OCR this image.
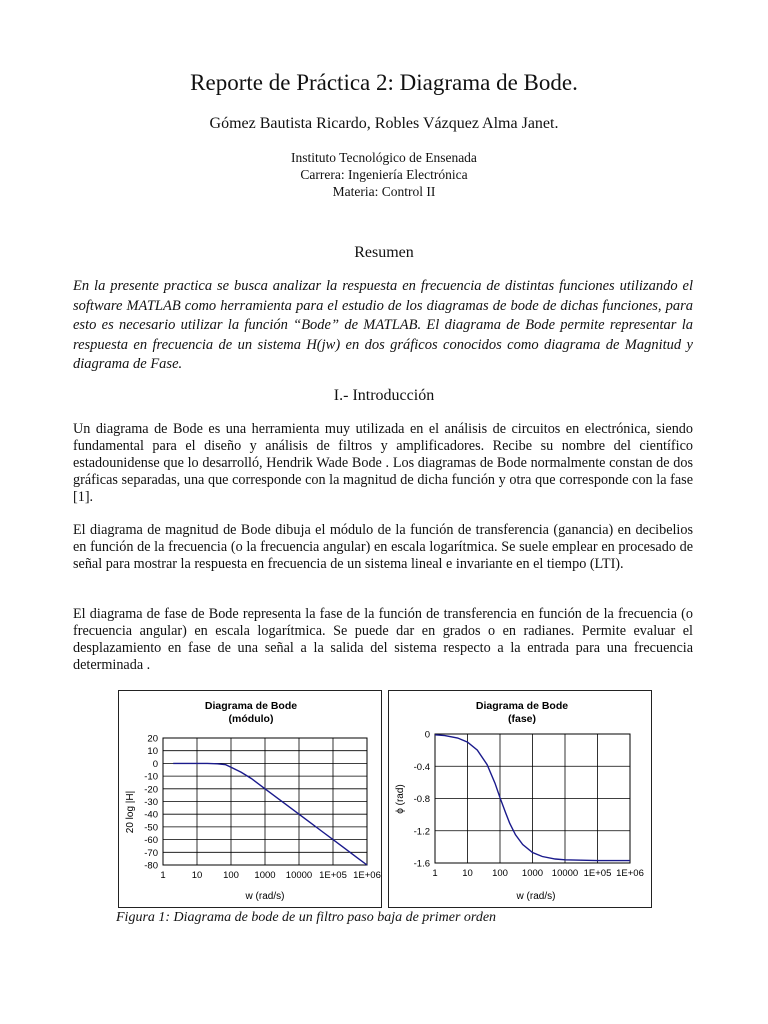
Reporte de Práctica 2: Diagrama de Bode.
Gómez Bautista Ricardo, Robles Vázquez Alma Janet.
Instituto Tecnológico de Ensenada
Carrera: Ingeniería Electrónica
Materia: Control II
Resumen
En la presente practica se busca analizar la respuesta en frecuencia de distintas funciones utilizando el software MATLAB como herramienta para el estudio de los diagramas de bode de dichas funciones, para esto es necesario utilizar la función “Bode” de MATLAB. El diagrama de Bode permite representar la respuesta en frecuencia de un sistema H(jw) en dos gráficos conocidos como diagrama de Magnitud y diagrama de Fase.
I.- Introducción
Un diagrama de Bode es una herramienta muy utilizada en el análisis de circuitos en electrónica, siendo fundamental para el diseño y análisis de filtros y amplificadores. Recibe su nombre del científico estadounidense que lo desarrolló, Hendrik Wade Bode . Los diagramas de Bode normalmente constan de dos gráficas separadas, una que corresponde con la magnitud de dicha función y otra que corresponde con la fase [1].
El diagrama de magnitud de Bode dibuja el módulo de la función de transferencia (ganancia) en decibelios en función de la frecuencia (o la frecuencia angular) en escala logarítmica. Se suele emplear en procesado de señal para mostrar la respuesta en frecuencia de un sistema lineal e invariante en el tiempo (LTI).
El diagrama de fase de Bode representa la fase de la función de transferencia en función de la frecuencia (o frecuencia angular) en escala logarítmica. Se puede dar en grados o en radianes. Permite evaluar el desplazamiento en fase de una señal a la salida del sistema respecto a la entrada para una frecuencia determinada .
Diagrama de Bode
(módulo)
1	10 100 1000 10000 1E+05 1E+06
20
10
0
-10
-20
-30
-40
-50
-60
-70
-80
w (rad/s)
20 log |H|
Diagrama de Bode
(fase)
1	10 100 1000 10000 1E+05 1E+06
0
-0.4
-0.8
-1.2
-1.6
w (rad/s)
ϕ (rad)
Figura 1: Diagrama de bode de un filtro paso baja de primer orden
